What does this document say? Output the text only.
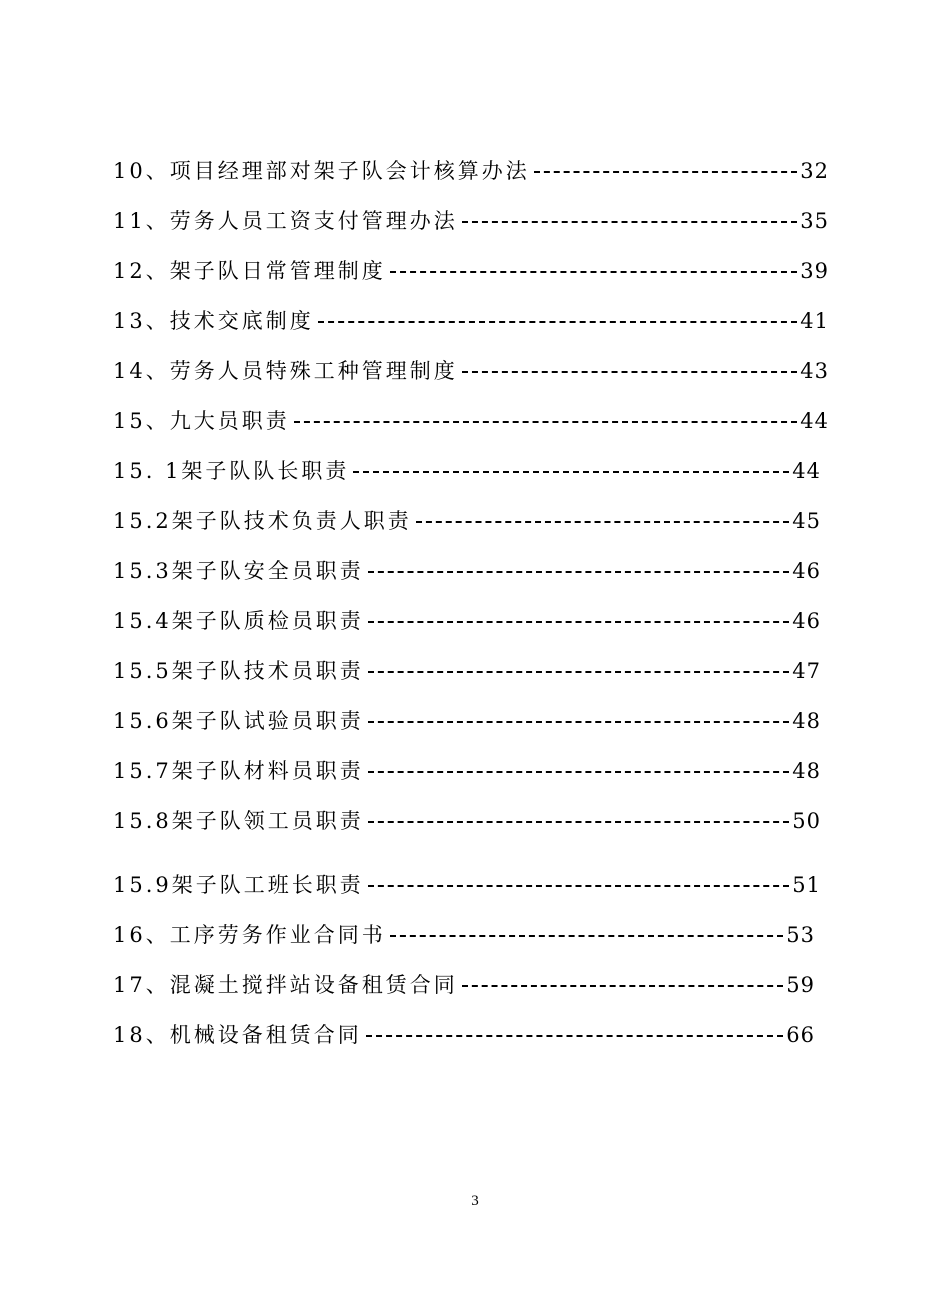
10、项目经理部对架子队会计核算办法	32
11、劳务人员工资支付管理办法	35
12、架子队日常管理制度	39
13、技术交底制度	41
14、劳务人员特殊工种管理制度	43
15、九大员职责	44
15. 1架子队队长职责	44
15.2架子队技术负责人职责	45
15.3架子队安全员职责	46
15.4架子队质检员职责	46
15.5架子队技术员职责	47
15.6架子队试验员职责	48
15.7架子队材料员职责	48
15.8架子队领工员职责	50
15.9架子队工班长职责	51
16、工序劳务作业合同书	53
17、混凝土搅拌站设备租赁合同	59
18、机械设备租赁合同	66
3
